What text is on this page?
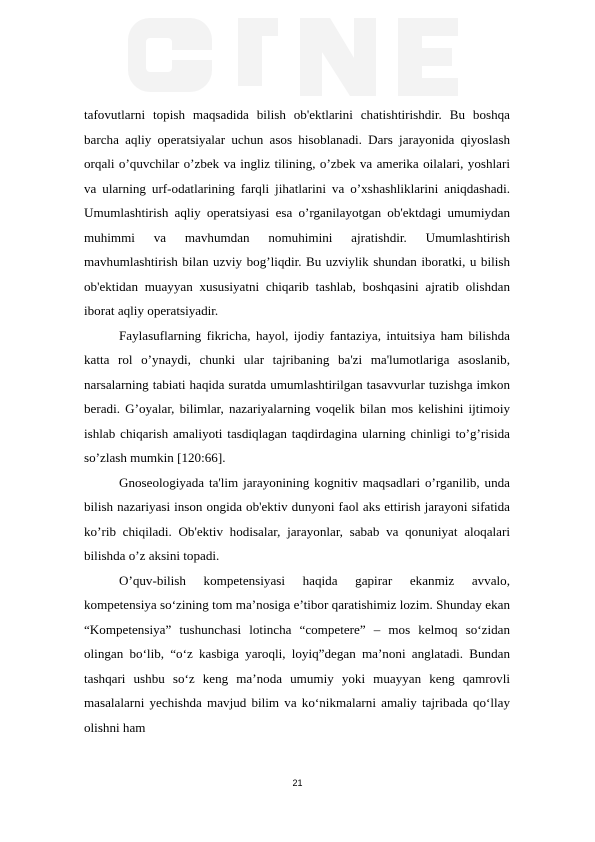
tafovutlarni topish maqsadida bilish ob'ektlarini chatishtirishdir. Bu boshqa barcha aqliy operatsiyalar uchun asos hisoblanadi. Dars jarayonida qiyoslash orqali o’quvchilar o’zbek va ingliz tilining, o’zbek va amerika oilalari, yoshlari va ularning urf-odatlarining farqli jihatlarini va o’xshashliklarini aniqdashadi. Umumlashtirish aqliy operatsiyasi esa o’rganilayotgan ob'ektdagi umumiydan muhimmi va mavhumdan nomuhimini ajratishdir. Umumlashtirish mavhumlashtirish bilan uzviy bog’liqdir. Bu uzviylik shundan iboratki, u bilish ob'ektidan muayyan xususiyatni chiqarib tashlab, boshqasini ajratib olishdan iborat aqliy operatsiyadir.

Faylasuflarning fikricha, hayol, ijodiy fantaziya, intuitsiya ham bilishda katta rol o’ynaydi, chunki ular tajribaning ba'zi ma'lumotlariga asoslanib, narsalarning tabiati haqida suratda umumlashtirilgan tasavvurlar tuzishga imkon beradi. G’oyalar, bilimlar, nazariyalarning voqelik bilan mos kelishini ijtimoiy ishlab chiqarish amaliyoti tasdiqlagan taqdirdagina ularning chinligi to’g’risida so’zlash mumkin [120:66].

Gnoseologiyada ta'lim jarayonining kognitiv maqsadlari o’rganilib, unda bilish nazariyasi inson ongida ob'ektiv dunyoni faol aks ettirish jarayoni sifatida ko’rib chiqiladi. Ob'ektiv hodisalar, jarayonlar, sabab va qonuniyat aloqalari bilishda o’z aksini topadi.

O’quv-bilish kompetensiyasi haqida gapirar ekanmiz avvalo, kompetensiya so‘zining tom ma’nosiga e’tibor qaratishimiz lozim. Shunday ekan “Kompetensiya” tushunchasi lotincha “competere” – mos kelmoq so‘zidan olingan bo‘lib, “o‘z kasbiga yaroqli, loyiq”degan ma’noni anglatadi. Bundan tashqari ushbu so‘z keng ma’noda umumiy yoki muayyan keng qamrovli masalalarni yechishda mavjud bilim va ko‘nikmalarni amaliy tajribada qo‘llay olishni ham

21
